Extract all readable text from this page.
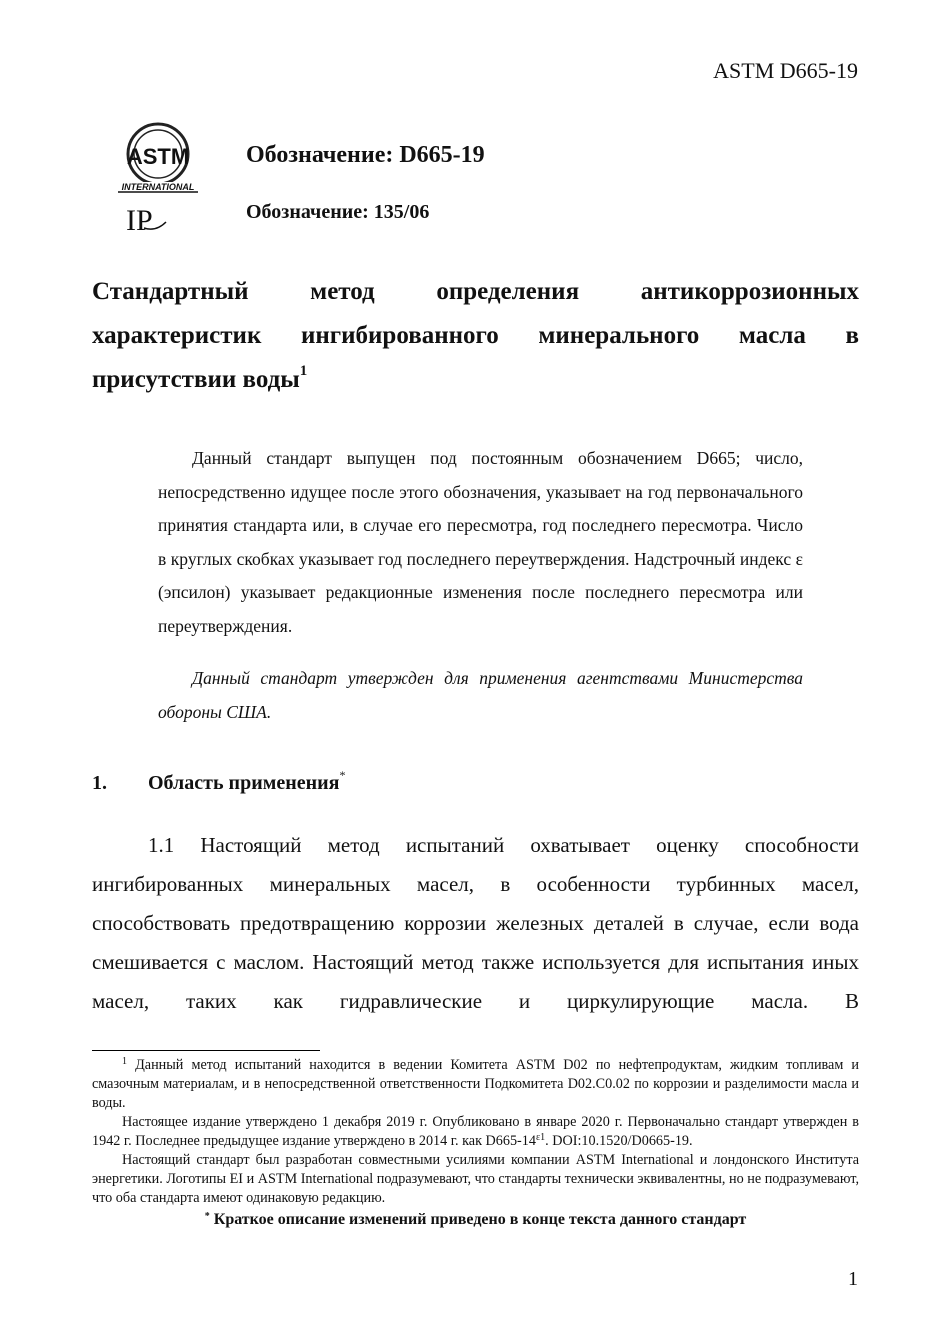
ASTM D665-19
ASTM
INTERNATIONAL
IP
Обозначение: D665-19
Обозначение: 135/06
Стандартный метод определения антикоррозионных характеристик ингибированного минерального масла в присутствии воды$^1$
Данный стандарт выпущен под постоянным обозначением D665; число, непосредственно идущее после этого обозначения, указывает на год первоначального принятия стандарта или, в случае его пересмотра, год последнего пересмотра. Число в круглых скобках указывает год последнего переутверждения. Надстрочный индекс ε (эпсилон) указывает редакционные изменения после последнего пересмотра или переутверждения.
Данный стандарт утвержден для применения агентствами Министерства обороны США.
1. Область применения*
1.1 Настоящий метод испытаний охватывает оценку способности ингибированных минеральных масел, в особенности турбинных масел, способствовать предотвращению коррозии железных деталей в случае, если вода смешивается с маслом. Настоящий метод также используется для испытания иных масел, таких как гидравлические и циркулирующие масла. В

$^1$ Данный метод испытаний находится в ведении Комитета ASTM D02 по нефтепродуктам, жидким топливам и смазочным материалам, и в непосредственной ответственности Подкомитета D02.C0.02 по коррозии и разделимости масла и воды.

Настоящее издание утверждено 1 декабря 2019 г. Опубликовано в январе 2020 г. Первоначально стандарт утвержден в 1942 г. Последнее предыдущее издание утверждено в 2014 г. как $D665-14^{\varepsilon 1}$. DOI:10.1520/D0665-19.

Настоящий стандарт был разработан совместными усилиями компании ASTM International и лондонского Института энергетики. Логотипы EI и ASTM International подразумевают, что стандарты технически эквивалентны, но не подразумевают, что оба стандарта имеют одинаковую редакцию.

* Краткое описание изменений приведено в конце текста данного стандарт

1
